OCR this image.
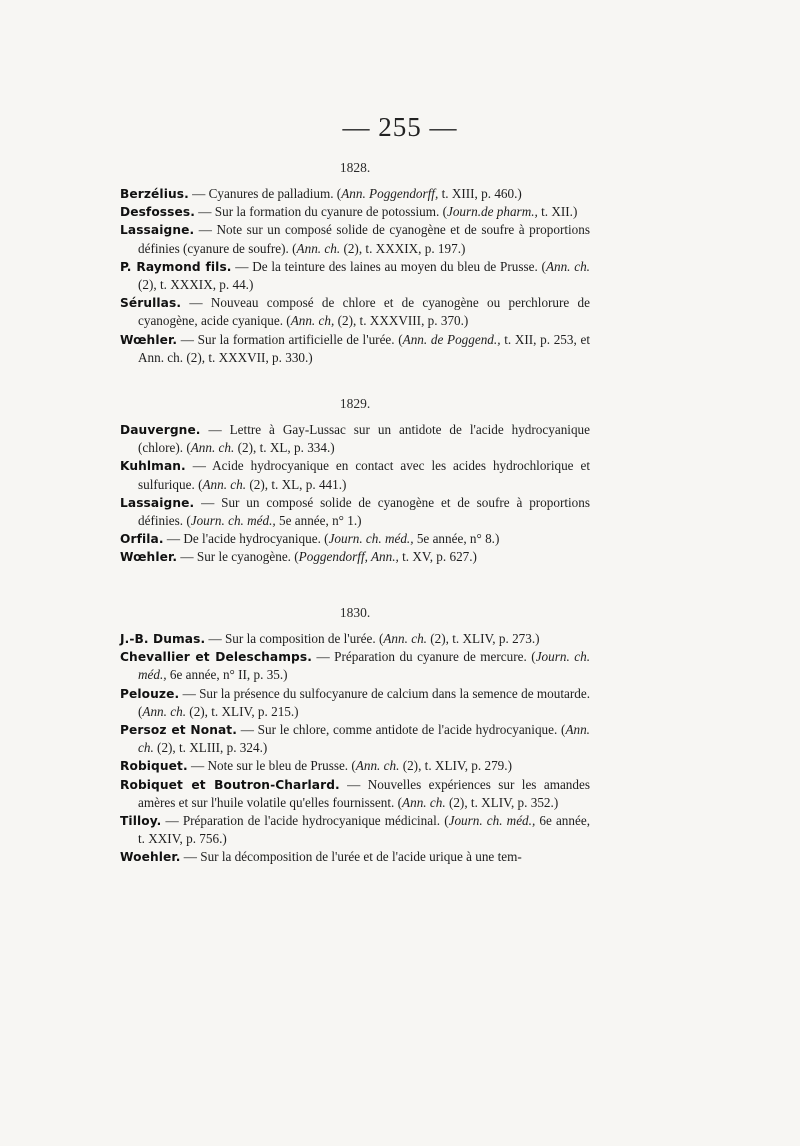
— 255 —
1828.

Berzélius. — Cyanures de palladium. (Ann. Poggendorff, t. XIII, p. 460.)

Desfosses. — Sur la formation du cyanure de potossium. (Journ.de pharm., t. XII.)

Lassaigne. — Note sur un composé solide de cyanogène et de soufre à proportions définies (cyanure de soufre). (Ann. ch. (2), t. XXXIX, p. 197.)

P. Raymond fils. — De la teinture des laines au moyen du bleu de Prusse. (Ann. ch. (2), t. XXXIX, p. 44.)

Sérullas. — Nouveau composé de chlore et de cyanogène ou perchlorure de cyanogène, acide cyanique. (Ann. ch, (2), t. XXXVIII, p. 370.)

Wœhler. — Sur la formation artificielle de l'urée. (Ann. de Poggend., t. XII, p. 253, et Ann. ch. (2), t. XXXVII, p. 330.)

1829.

Dauvergne. — Lettre à Gay-Lussac sur un antidote de l'acide hydrocyanique (chlore). (Ann. ch. (2), t. XL, p. 334.)

Kuhlman. — Acide hydrocyanique en contact avec les acides hydrochlorique et sulfurique. (Ann. ch. (2), t. XL, p. 441.)

Lassaigne. — Sur un composé solide de cyanogène et de soufre à proportions définies. (Journ. ch. méd., 5e année, n° 1.)

Orfila. — De l'acide hydrocyanique. (Journ. ch. méd., 5e année, n° 8.)

Wœhler. — Sur le cyanogène. (Poggendorff, Ann., t. XV, p. 627.)

1830.

J.-B. Dumas. — Sur la composition de l'urée. (Ann. ch. (2), t. XLIV, p. 273.)

Chevallier et Deleschamps. — Préparation du cyanure de mercure. (Journ. ch. méd., 6e année, n° II, p. 35.)

Pelouze. — Sur la présence du sulfocyanure de calcium dans la semence de moutarde. (Ann. ch. (2), t. XLIV, p. 215.)

Persoz et Nonat. — Sur le chlore, comme antidote de l'acide hydrocyanique. (Ann. ch. (2), t. XLIII, p. 324.)

Robiquet. — Note sur le bleu de Prusse. (Ann. ch. (2), t. XLIV, p. 279.)

Robiquet et Boutron-Charlard. — Nouvelles expériences sur les amandes amères et sur l'huile volatile qu'elles fournissent. (Ann. ch. (2), t. XLIV, p. 352.)

Tilloy. — Préparation de l'acide hydrocyanique médicinal. (Journ. ch. méd., 6e année, t. XXIV, p. 756.)

Woehler. — Sur la décomposition de l'urée et de l'acide urique à une tem-
